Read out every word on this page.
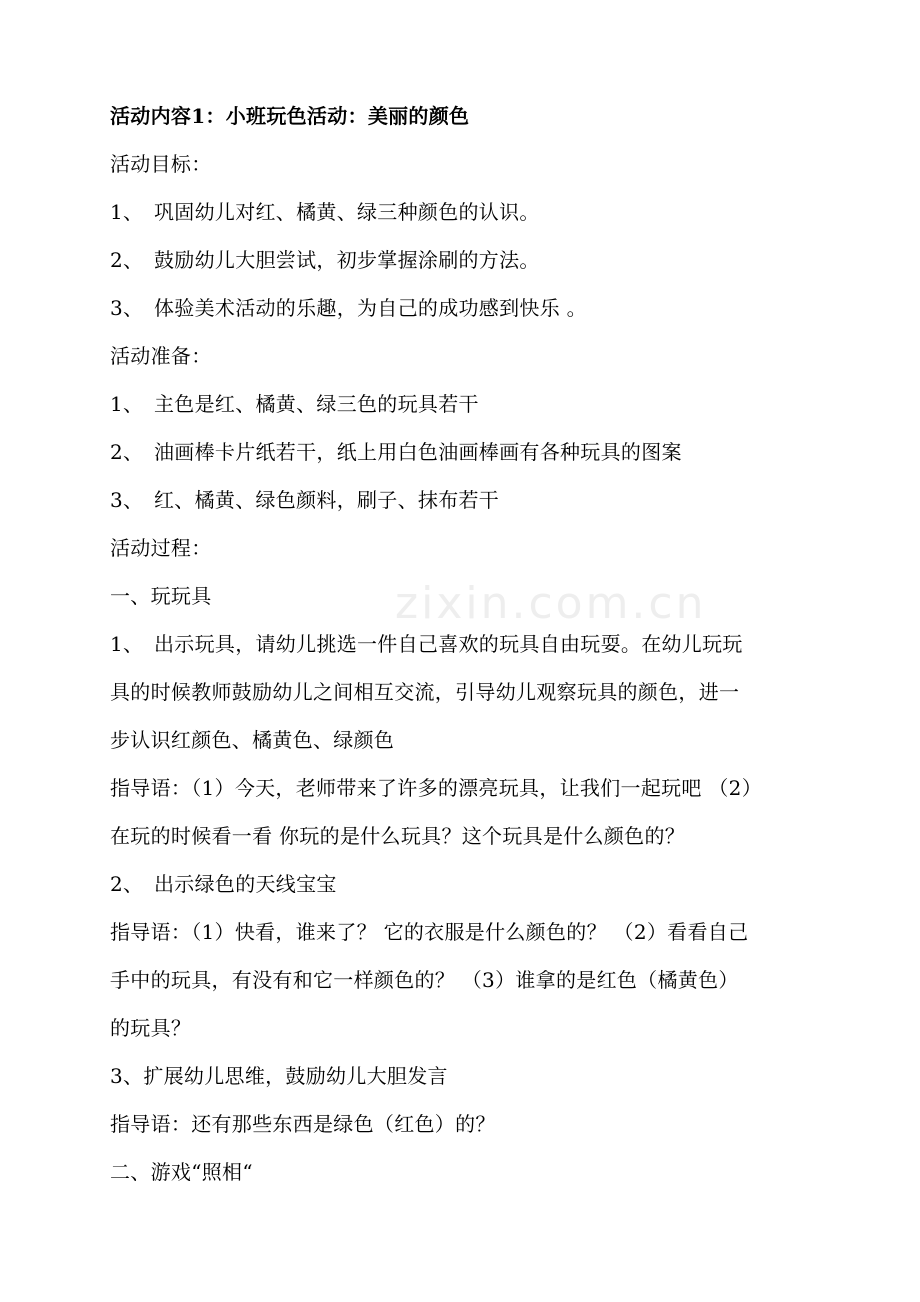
zixin.com.cn
活动内容1：小班玩色活动：美丽的颜色
活动目标：
1、 巩固幼儿对红、橘黄、绿三种颜色的认识。
2、 鼓励幼儿大胆尝试，初步掌握涂刷的方法。
3、 体验美术活动的乐趣，为自己的成功感到快乐 。
活动准备：
1、 主色是红、橘黄、绿三色的玩具若干
2、 油画棒卡片纸若干，纸上用白色油画棒画有各种玩具的图案
3、 红、橘黄、绿色颜料，刷子、抹布若干
活动过程：
一、玩玩具
1、 出示玩具，请幼儿挑选一件自己喜欢的玩具自由玩耍。在幼儿玩玩
具的时候教师鼓励幼儿之间相互交流，引导幼儿观察玩具的颜色，进一
步认识红颜色、橘黄色、绿颜色
指导语：（1）今天，老师带来了许多的漂亮玩具，让我们一起玩吧 （2）
在玩的时候看一看 你玩的是什么玩具？这个玩具是什么颜色的？
2、 出示绿色的天线宝宝
指导语：（1）快看，谁来了？ 它的衣服是什么颜色的？ （2）看看自己
手中的玩具，有没有和它一样颜色的？ （3）谁拿的是红色（橘黄色）
的玩具？
3、扩展幼儿思维，鼓励幼儿大胆发言
指导语：还有那些东西是绿色（红色）的？
二、游戏“照相“
